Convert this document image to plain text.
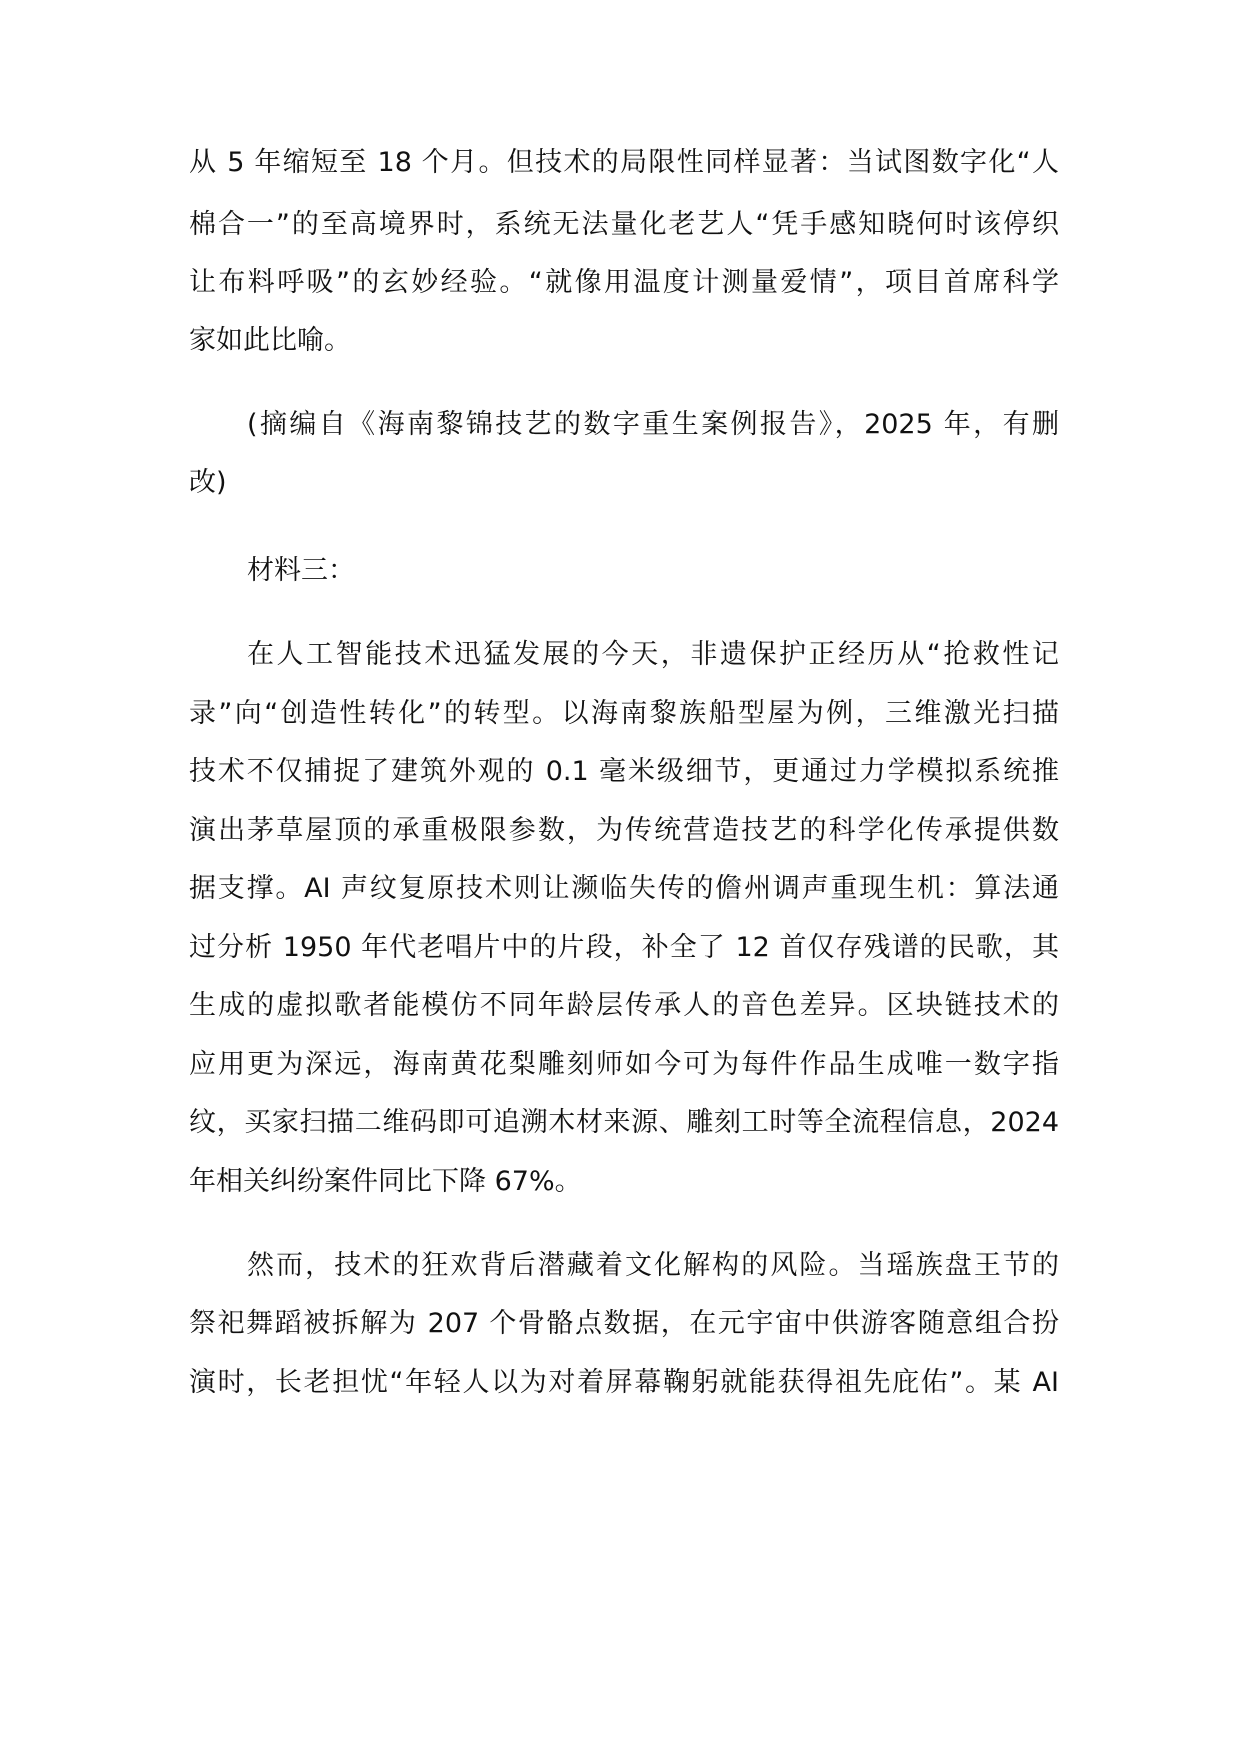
从 5 年缩短至 18 个月。但技术的局限性同样显著：当试图数字化“人
棉合一”的至高境界时，系统无法量化老艺人“凭手感知晓何时该停织
让布料呼吸”的玄妙经验。“就像用温度计测量爱情”，项目首席科学
家如此比喻。
(摘编自《海南黎锦技艺的数字重生案例报告》，2025 年，有删
改)
材料三：
在人工智能技术迅猛发展的今天，非遗保护正经历从“抢救性记
录”向“创造性转化”的转型。以海南黎族船型屋为例，三维激光扫描
技术不仅捕捉了建筑外观的 0.1 毫米级细节，更通过力学模拟系统推
演出茅草屋顶的承重极限参数，为传统营造技艺的科学化传承提供数
据支撑。AI 声纹复原技术则让濒临失传的儋州调声重现生机：算法通
过分析 1950 年代老唱片中的片段，补全了 12 首仅存残谱的民歌，其
生成的虚拟歌者能模仿不同年龄层传承人的音色差异。区块链技术的
应用更为深远，海南黄花梨雕刻师如今可为每件作品生成唯一数字指
纹，买家扫描二维码即可追溯木材来源、雕刻工时等全流程信息，2024
年相关纠纷案件同比下降 67%。
然而，技术的狂欢背后潜藏着文化解构的风险。当瑶族盘王节的
祭祀舞蹈被拆解为 207 个骨骼点数据，在元宇宙中供游客随意组合扮
演时，长老担忧“年轻人以为对着屏幕鞠躬就能获得祖先庇佑”。某 AI
